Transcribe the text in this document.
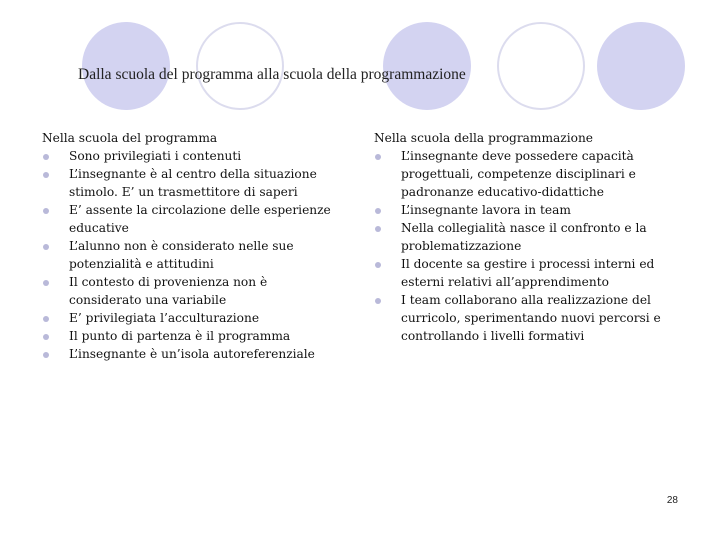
Dalla scuola del programma alla scuola della programmazione

Nella scuola del programma

Sono privilegiati i contenuti
L’insegnante è al centro della situazione stimolo. E’ un trasmettitore di saperi
E’ assente la circolazione delle esperienze educative
L’alunno non è considerato nelle sue potenzialità e attitudini
Il contesto di provenienza non è considerato una variabile
E’ privilegiata l’acculturazione
Il punto di partenza è il programma
L’insegnante è un’isola autoreferenziale

Nella scuola della programmazione

L’insegnante deve possedere capacità progettuali, competenze disciplinari e padronanze educativo-didattiche
L’insegnante lavora in team
Nella collegialità nasce il confronto e la problematizzazione
Il docente sa gestire i processi interni ed esterni relativi all’apprendimento
I team collaborano alla realizzazione del curricolo, sperimentando nuovi percorsi e controllando i livelli formativi
28
